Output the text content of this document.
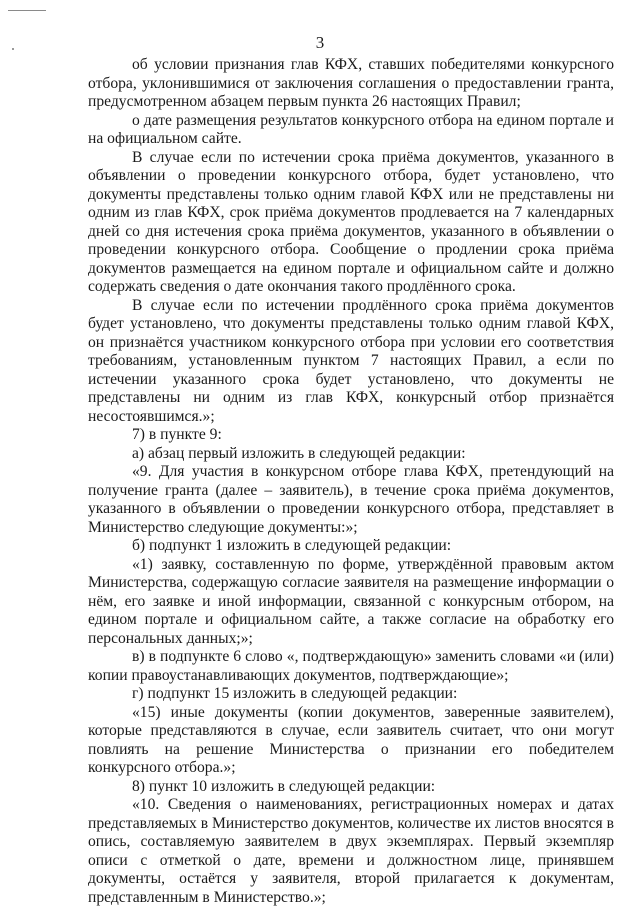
3

об условии признания глав КФХ, ставших победителями конкурсного отбора, уклонившимися от заключения соглашения о предоставлении гранта, предусмотренном абзацем первым пункта 26 настоящих Правил;

о дате размещения результатов конкурсного отбора на едином портале и на официальном сайте.

В случае если по истечении срока приёма документов, указанного в объявлении о проведении конкурсного отбора, будет установлено, что документы представлены только одним главой КФХ или не представлены ни одним из глав КФХ, срок приёма документов продлевается на 7 календарных дней со дня истечения срока приёма документов, указанного в объявлении о проведении конкурсного отбора. Сообщение о продлении срока приёма документов размещается на едином портале и официальном сайте и должно содержать сведения о дате окончания такого продлённого срока.

В случае если по истечении продлённого срока приёма документов будет установлено, что документы представлены только одним главой КФХ, он признаётся участником конкурсного отбора при условии его соответствия требованиям, установленным пунктом 7 настоящих Правил, а если по истечении указанного срока будет установлено, что документы не представлены ни одним из глав КФХ, конкурсный отбор признаётся несостоявшимся.»;

7) в пункте 9:

а) абзац первый изложить в следующей редакции:

«9. Для участия в конкурсном отборе глава КФХ, претендующий на получение гранта (далее – заявитель), в течение срока приёма документов, указанного в объявлении о проведении конкурсного отбора, представляет в Министерство следующие документы:»;

б) подпункт 1 изложить в следующей редакции:

«1) заявку, составленную по форме, утверждённой правовым актом Министерства, содержащую согласие заявителя на размещение информации о нём, его заявке и иной информации, связанной с конкурсным отбором, на едином портале и официальном сайте, а также согласие на обработку его персональных данных;»;

в) в подпункте 6 слово «, подтверждающую» заменить словами «и (или) копии правоустанавливающих документов, подтверждающие»;

г) подпункт 15 изложить в следующей редакции:

«15) иные документы (копии документов, заверенные заявителем), которые представляются в случае, если заявитель считает, что они могут повлиять на решение Министерства о признании его победителем конкурсного отбора.»;

8) пункт 10 изложить в следующей редакции:

«10. Сведения о наименованиях, регистрационных номерах и датах представляемых в Министерство документов, количестве их листов вносятся в опись, составляемую заявителем в двух экземплярах. Первый экземпляр описи с отметкой о дате, времени и должностном лице, принявшем документы, остаётся у заявителя, второй прилагается к документам, представленным в Министерство.»;
